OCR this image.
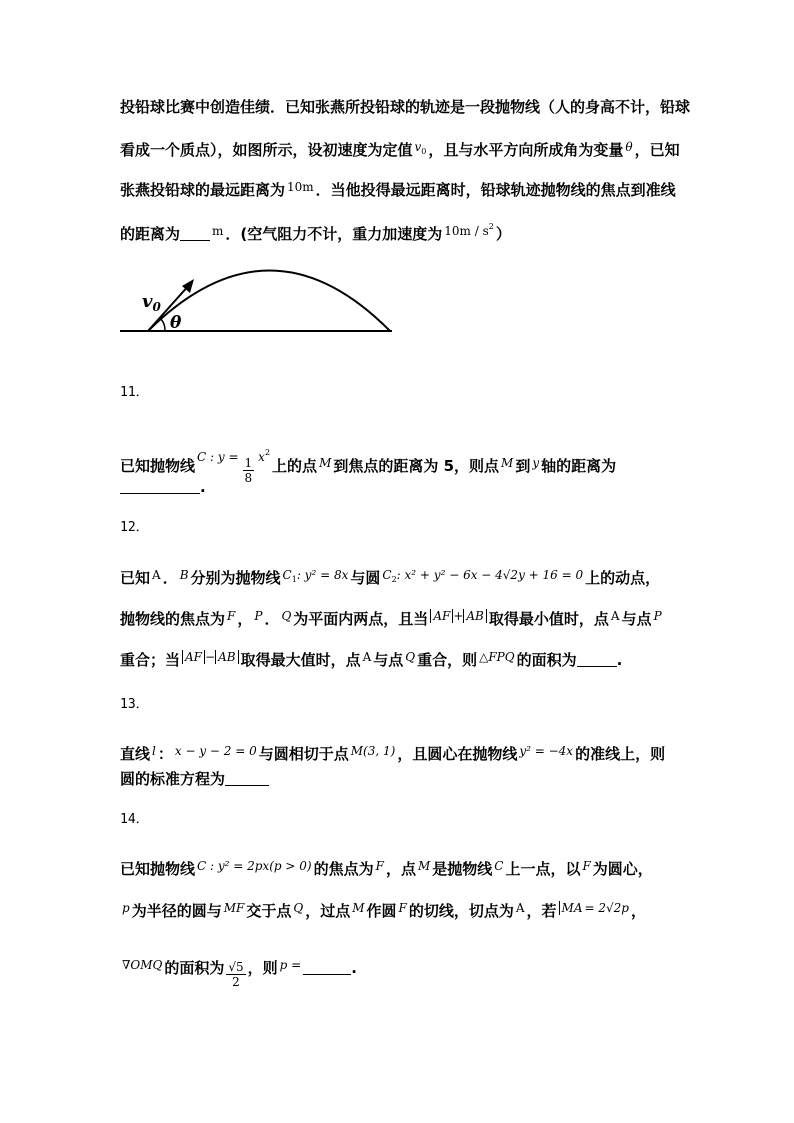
投铅球比赛中创造佳绩．已知张燕所投铅球的轨迹是一段抛物线（人的身高不计，铅球
看成一个质点），如图所示，设初速度为定值 $^{v_0}$ ，且与水平方向所成角为变量 $^\theta$ ，已知
张燕投铅球的最远距离为 $^{10m}$ ．当他投得最远距离时，铅球轨迹抛物线的焦点到准线
的距离为	$^m$ ．(空气阻力不计，重力加速度为 $^{10m / s^2}$ ）
$v_0$
θ
11．
已知抛物线 $^{C : y =} \frac{1}{8} ^{x^2}$上的点 $^M$ 到焦点的距离为 5，则点 $^M$ 到 $^y$ 轴的距离为
.
12．
已知 $^A$ ． $^B$ 分别为抛物线 $^{C_1: y^2 = 8x}$ 与圆 $^{C_2: x^2 + y^2 - 6x - 4√2y + 16 = 0}$ 上的动点，
抛物线的焦点为 $^F$ ， $^P$ ． $^Q$ 为平面内两点，且当 $^{AF + AB}$ 取得最小值时，点 $^A$ 与点 $^P$
重合；当 $^{AF - AB}$ 取得最大值时，点 $^A$ 与点 $^Q$ 重合，则 $^{\triangle FPQ}$ 的面积为	.
13．
直线 $^l$ ： $^{x - y - 2 = 0}$ 与圆相切于点 $^{M(3, 1)}$ ，且圆心在抛物线 $^{y^2 = -4x}$ 的准线上，则
圆的标准方程为
14．
已知抛物线 $^{C : y^2 = 2px(p > 0)}$ 的焦点为 $^F$ ，点 $^M$ 是抛物线 $^C$ 上一点，以 $^F$ 为圆心，
$^p$ 为半径的圆与 $^{MF}$ 交于点 $^Q$ ，过点 $^M$ 作圆 $^F$ 的切线，切点为 $^A$ ，若 $^{MA = 2√2p}$ ，
$^{\nabla OMQ}$ 的面积为 $\frac{√5}{2}$ ，则 $^{p =}$	.
